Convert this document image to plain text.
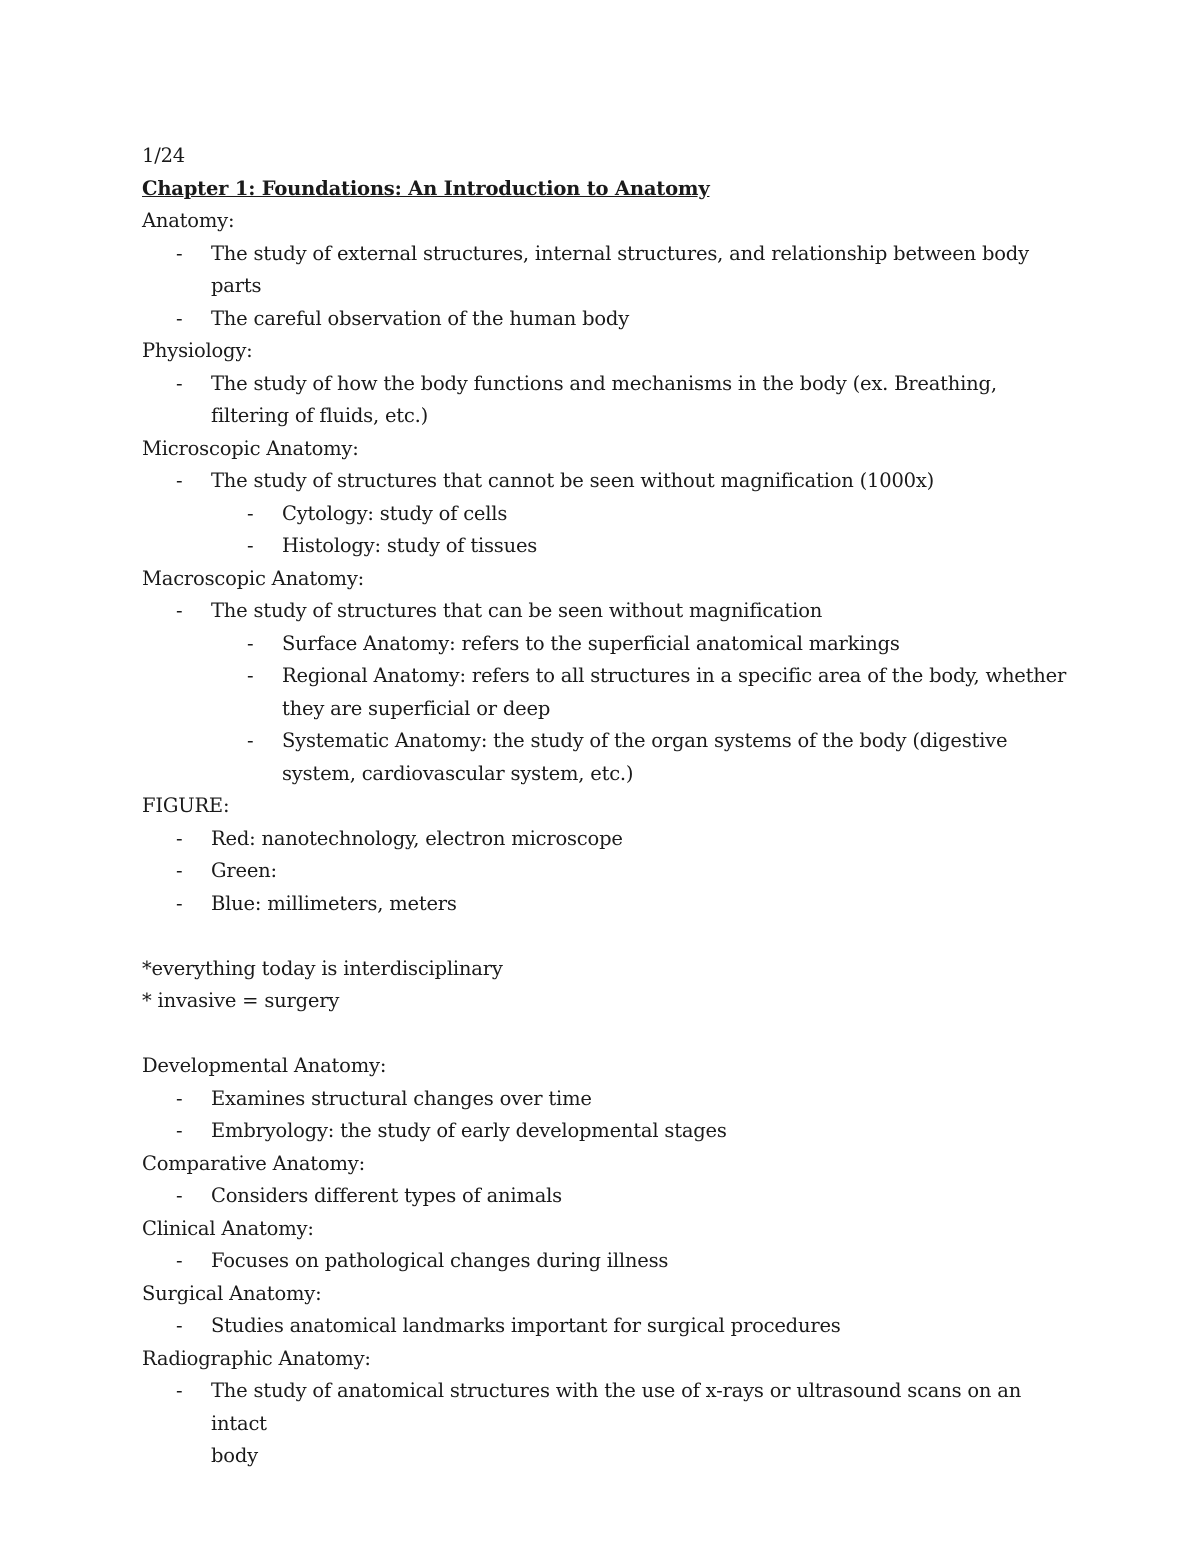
1/24
Chapter 1: Foundations: An Introduction to Anatomy
Anatomy:
- The study of external structures, internal structures, and relationship between body parts
- The careful observation of the human body
Physiology:
- The study of how the body functions and mechanisms in the body (ex. Breathing,
filtering of fluids, etc.)
Microscopic Anatomy:
- The study of structures that cannot be seen without magnification (1000x)
- Cytology: study of cells
- Histology: study of tissues
Macroscopic Anatomy:
- The study of structures that can be seen without magnification
- Surface Anatomy: refers to the superficial anatomical markings
- Regional Anatomy: refers to all structures in a specific area of the body, whether
they are superficial or deep
- Systematic Anatomy: the study of the organ systems of the body (digestive
system, cardiovascular system, etc.)
FIGURE:
- Red: nanotechnology, electron microscope
- Green:
- Blue: millimeters, meters
*everything today is interdisciplinary
* invasive = surgery
Developmental Anatomy:
- Examines structural changes over time
- Embryology: the study of early developmental stages
Comparative Anatomy:
- Considers different types of animals
Clinical Anatomy:
- Focuses on pathological changes during illness
Surgical Anatomy:
- Studies anatomical landmarks important for surgical procedures
Radiographic Anatomy:
- The study of anatomical structures with the use of x-rays or ultrasound scans on an intact
body
